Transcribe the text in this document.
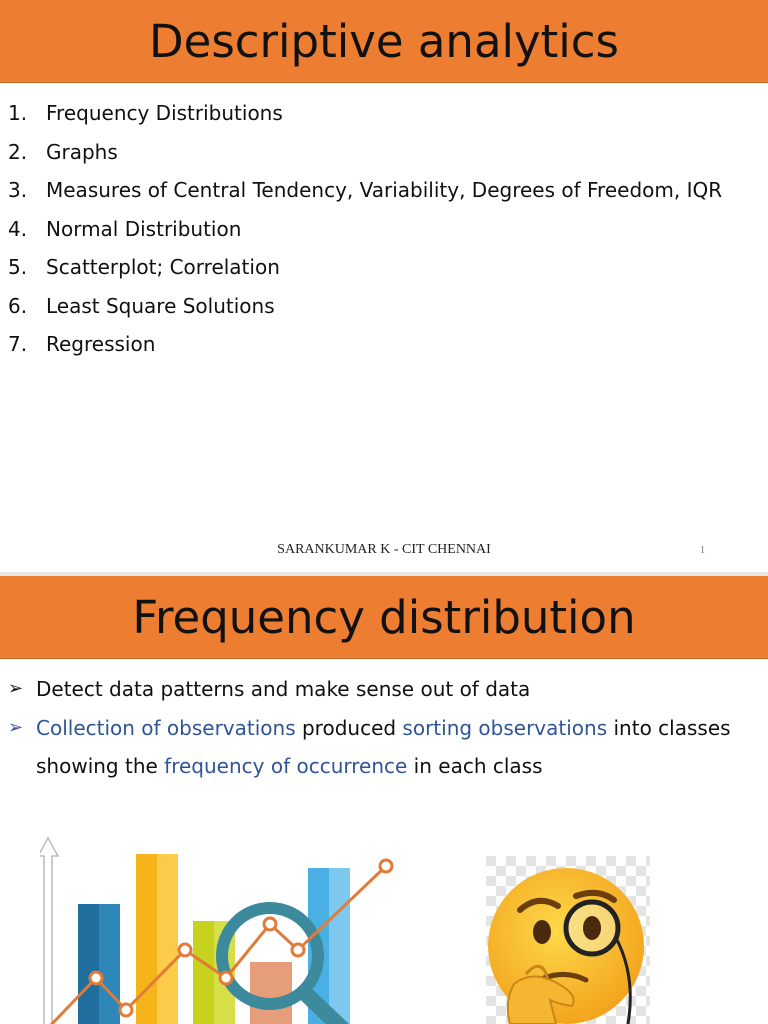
Descriptive analytics
1. Frequency Distributions
2. Graphs
3. Measures of Central Tendency, Variability, Degrees of Freedom, IQR
4. Normal Distribution
5. Scatterplot; Correlation
6. Least Square Solutions
7. Regression
SARANKUMAR K - CIT CHENNAI	1
Frequency distribution
➢ Detect data patterns and make sense out of data
➢ Collection of observations produced sorting observations into classes showing the frequency of occurrence in each class
